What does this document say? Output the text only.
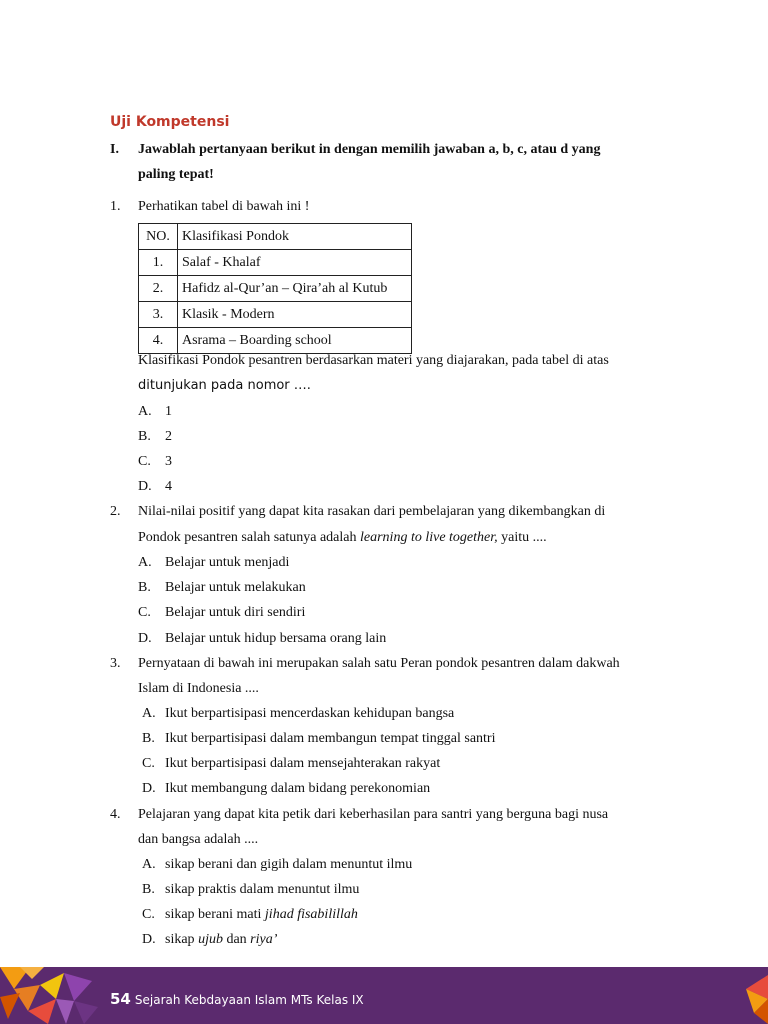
Uji Kompetensi
I. Jawablah pertanyaan berikut in dengan memilih jawaban a, b, c, atau d yang
paling tepat!
1. Perhatikan tabel di bawah ini !
NO.	Klasifikasi Pondok
1.	Salaf - Khalaf
2.	Hafidz al-Qur’an – Qira’ah al Kutub
3.	Klasik - Modern
4.	Asrama – Boarding school
Klasifikasi Pondok pesantren berdasarkan materi yang diajarakan, pada tabel di atas
ditunjukan pada nomor ….
A. 1
B. 2
C. 3
D. 4
2. Nilai-nilai positif yang dapat kita rasakan dari pembelajaran yang dikembangkan di
Pondok pesantren salah satunya adalah learning to live together, yaitu ....
A. Belajar untuk menjadi
B. Belajar untuk melakukan
C. Belajar untuk diri sendiri
D. Belajar untuk hidup bersama orang lain
3. Pernyataan di bawah ini merupakan salah satu Peran pondok pesantren dalam dakwah
Islam di Indonesia ....
A. Ikut berpartisipasi mencerdaskan kehidupan bangsa
B. Ikut berpartisipasi dalam membangun tempat tinggal santri
C. Ikut berpartisipasi dalam mensejahterakan rakyat
D. Ikut membangung dalam bidang perekonomian
4. Pelajaran yang dapat kita petik dari keberhasilan para santri yang berguna bagi nusa
dan bangsa adalah ....
A. sikap berani dan gigih dalam menuntut ilmu
B. sikap praktis dalam menuntut ilmu
C. sikap berani mati jihad fisabilillah
D. sikap ujub dan riya’
54 Sejarah Kebdayaan Islam MTs Kelas IX
